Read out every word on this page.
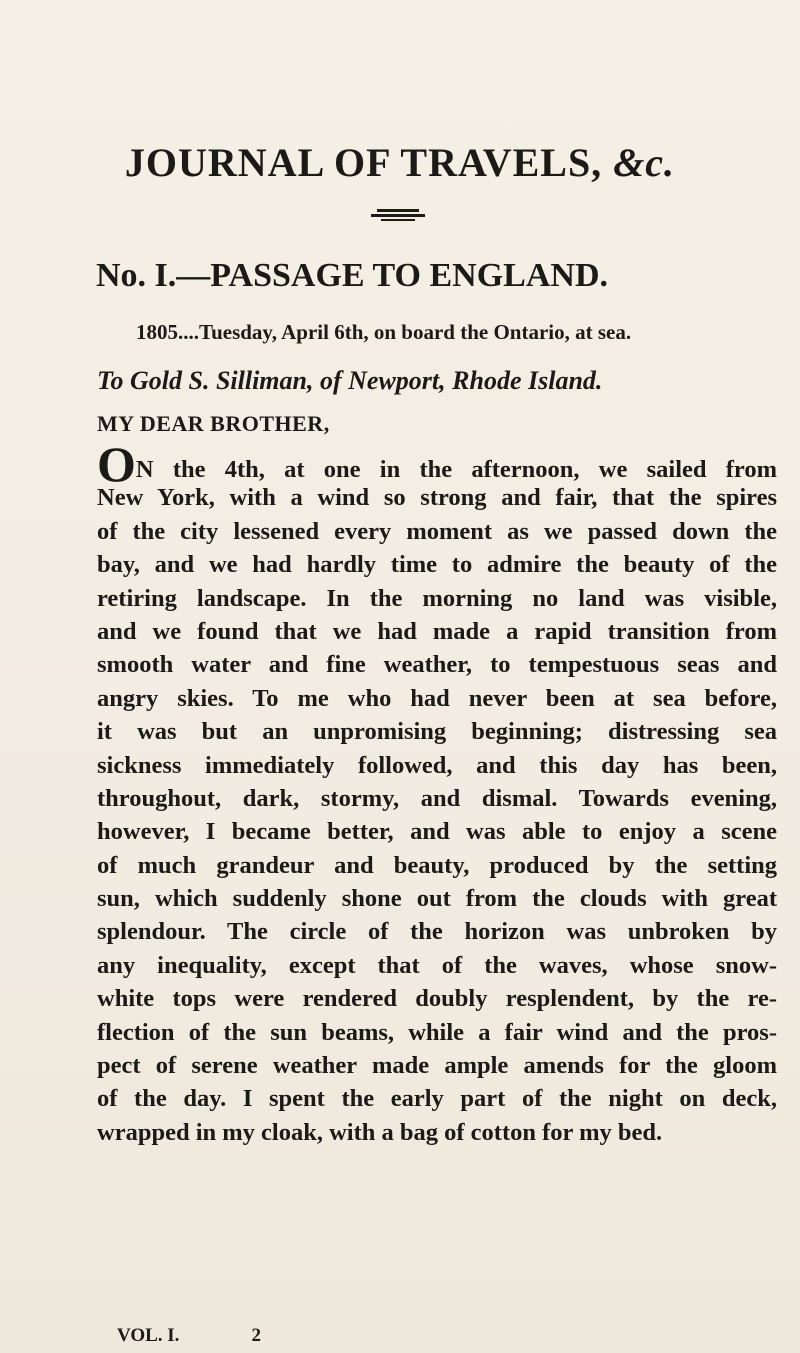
JOURNAL OF TRAVELS, &c.
No. I.—PASSAGE TO ENGLAND.
1805....Tuesday, April 6th, on board the Ontario, at sea.
To Gold S. Silliman, of Newport, Rhode Island.
MY DEAR BROTHER,
ON the 4th, at one in the afternoon, we sailed from
New York, with a wind so strong and fair, that the spires
of the city lessened every moment as we passed down the
bay, and we had hardly time to admire the beauty of the
retiring landscape. In the morning no land was visible,
and we found that we had made a rapid transition from
smooth water and fine weather, to tempestuous seas and
angry skies. To me who had never been at sea before,
it was but an unpromising beginning; distressing sea
sickness immediately followed, and this day has been,
throughout, dark, stormy, and dismal. Towards evening,
however, I became better, and was able to enjoy a scene
of much grandeur and beauty, produced by the setting
sun, which suddenly shone out from the clouds with great
splendour. The circle of the horizon was unbroken by
any inequality, except that of the waves, whose snow-
white tops were rendered doubly resplendent, by the re-
flection of the sun beams, while a fair wind and the pros-
pect of serene weather made ample amends for the gloom
of the day. I spent the early part of the night on deck,
wrapped in my cloak, with a bag of cotton for my bed.
VOL. I.	2
